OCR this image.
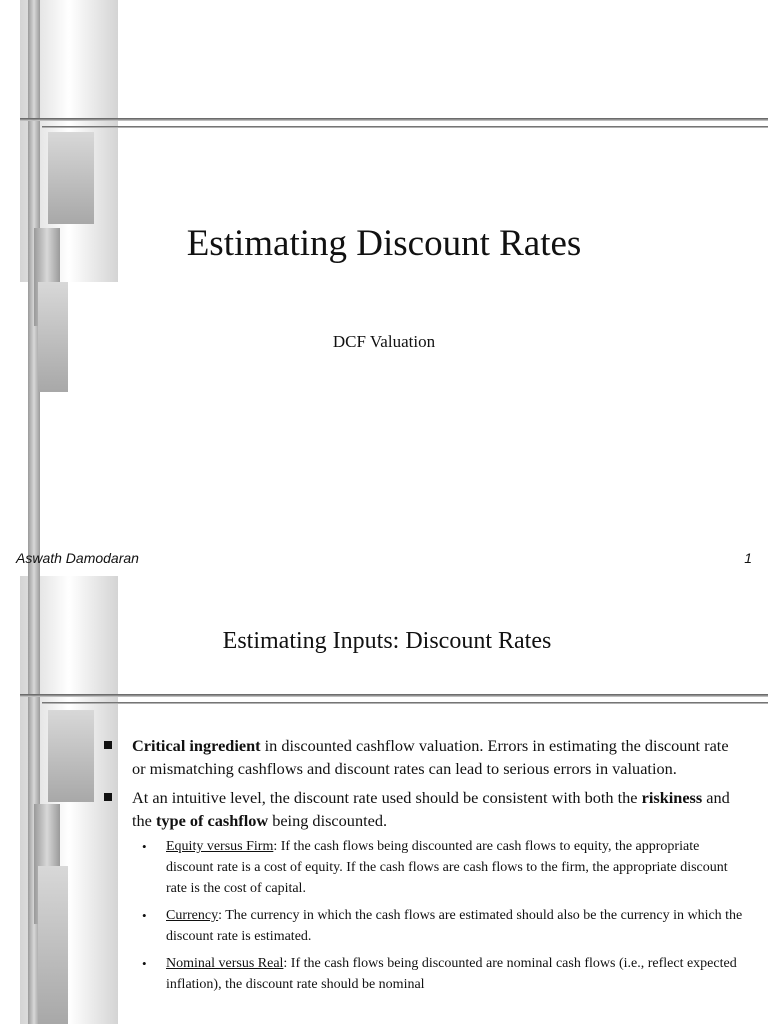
Estimating Discount Rates

DCF Valuation

Aswath Damodaran	1
Estimating Inputs: Discount Rates
Critical ingredient in discounted cashflow valuation. Errors in estimating the discount rate or mismatching cashflows and discount rates can lead to serious errors in valuation.
At an intuitive level, the discount rate used should be consistent with both the riskiness and the type of cashflow being discounted.
• Equity versus Firm: If the cash flows being discounted are cash flows to equity, the appropriate discount rate is a cost of equity. If the cash flows are cash flows to the firm, the appropriate discount rate is the cost of capital.
• Currency: The currency in which the cash flows are estimated should also be the currency in which the discount rate is estimated.
• Nominal versus Real: If the cash flows being discounted are nominal cash flows (i.e., reflect expected inflation), the discount rate should be nominal
